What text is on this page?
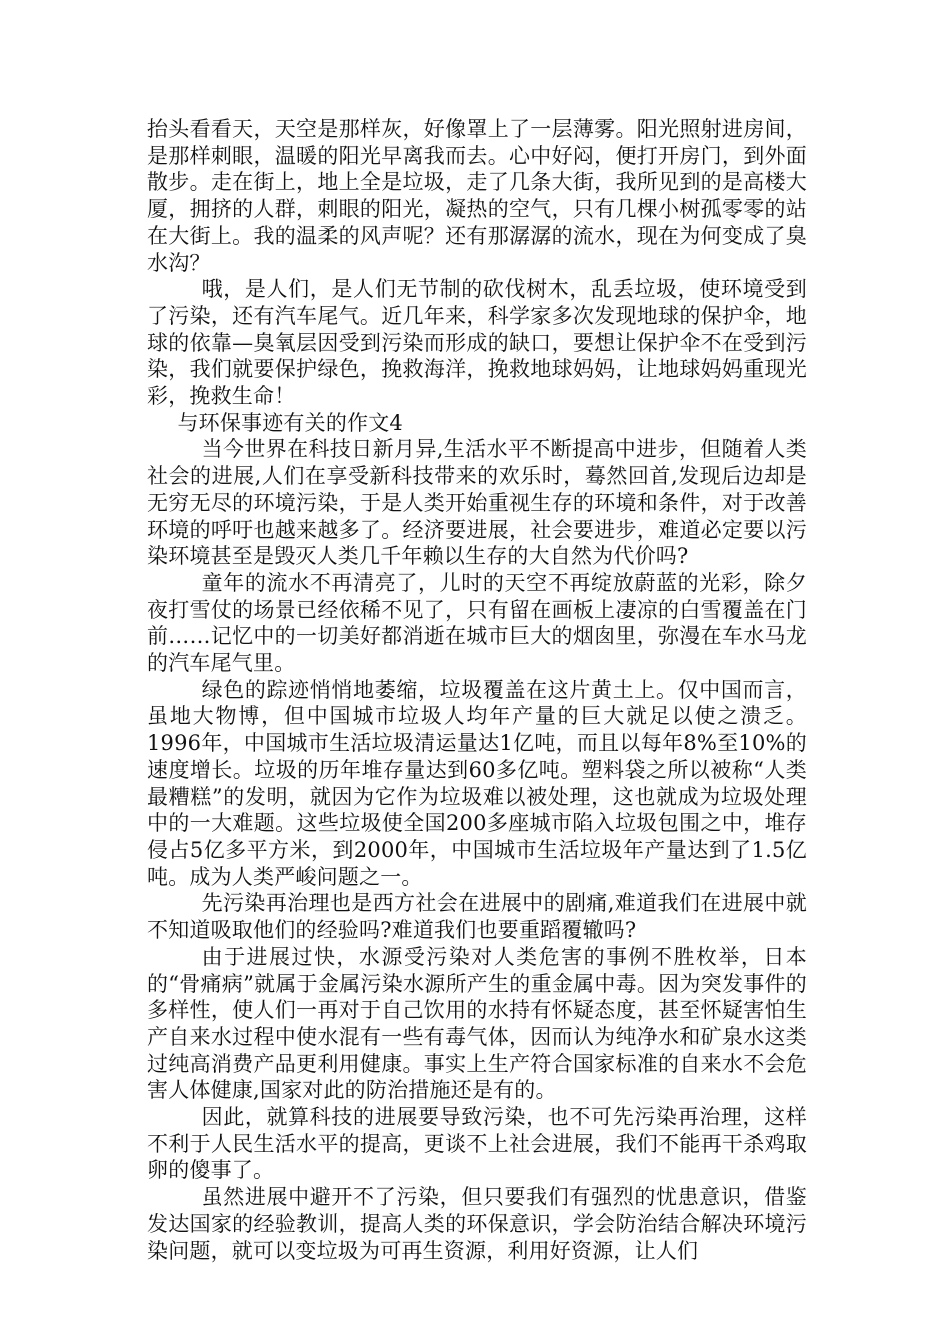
抬头看看天，天空是那样灰，好像罩上了一层薄雾。阳光照射进房间，是那样刺眼，温暖的阳光早离我而去。心中好闷，便打开房门，到外面散步。走在街上，地上全是垃圾，走了几条大街，我所见到的是高楼大厦，拥挤的人群，刺眼的阳光，凝热的空气，只有几棵小树孤零零的站在大街上。我的温柔的风声呢？还有那潺潺的流水，现在为何变成了臭水沟？

哦，是人们，是人们无节制的砍伐树木，乱丢垃圾，使环境受到了污染，还有汽车尾气。近几年来，科学家多次发现地球的保护伞，地球的依靠—臭氧层因受到污染而形成的缺口，要想让保护伞不在受到污染，我们就要保护绿色，挽救海洋，挽救地球妈妈，让地球妈妈重现光彩，挽救生命！

与环保事迹有关的作文4

当今世界在科技日新月异,生活水平不断提高中进步，但随着人类社会的进展,人们在享受新科技带来的欢乐时，蓦然回首,发现后边却是无穷无尽的环境污染，于是人类开始重视生存的环境和条件，对于改善环境的呼吁也越来越多了。经济要进展，社会要进步，难道必定要以污染环境甚至是毁灭人类几千年赖以生存的大自然为代价吗?

童年的流水不再清亮了，儿时的天空不再绽放蔚蓝的光彩，除夕夜打雪仗的场景已经依稀不见了，只有留在画板上凄凉的白雪覆盖在门前……记忆中的一切美好都消逝在城市巨大的烟囱里，弥漫在车水马龙的汽车尾气里。

绿色的踪迹悄悄地萎缩，垃圾覆盖在这片黄土上。仅中国而言，虽地大物博，但中国城市垃圾人均年产量的巨大就足以使之溃乏。1996年，中国城市生活垃圾清运量达1亿吨，而且以每年8%至10%的速度增长。垃圾的历年堆存量达到60多亿吨。塑料袋之所以被称“人类最糟糕”的发明，就因为它作为垃圾难以被处理，这也就成为垃圾处理中的一大难题。这些垃圾使全国200多座城市陷入垃圾包围之中，堆存侵占5亿多平方米，到2000年，中国城市生活垃圾年产量达到了1.5亿吨。成为人类严峻问题之一。

先污染再治理也是西方社会在进展中的剧痛,难道我们在进展中就不知道吸取他们的经验吗?难道我们也要重蹈覆辙吗?

由于进展过快，水源受污染对人类危害的事例不胜枚举，日本的“骨痛病”就属于金属污染水源所产生的重金属中毒。因为突发事件的多样性，使人们一再对于自己饮用的水持有怀疑态度，甚至怀疑害怕生产自来水过程中使水混有一些有毒气体，因而认为纯净水和矿泉水这类过纯高消费产品更利用健康。事实上生产符合国家标准的自来水不会危害人体健康,国家对此的防治措施还是有的。

因此，就算科技的进展要导致污染，也不可先污染再治理，这样不利于人民生活水平的提高，更谈不上社会进展，我们不能再干杀鸡取卵的傻事了。

虽然进展中避开不了污染，但只要我们有强烈的忧患意识，借鉴发达国家的经验教训，提高人类的环保意识，学会防治结合解决环境污染问题，就可以变垃圾为可再生资源，利用好资源，让人们
